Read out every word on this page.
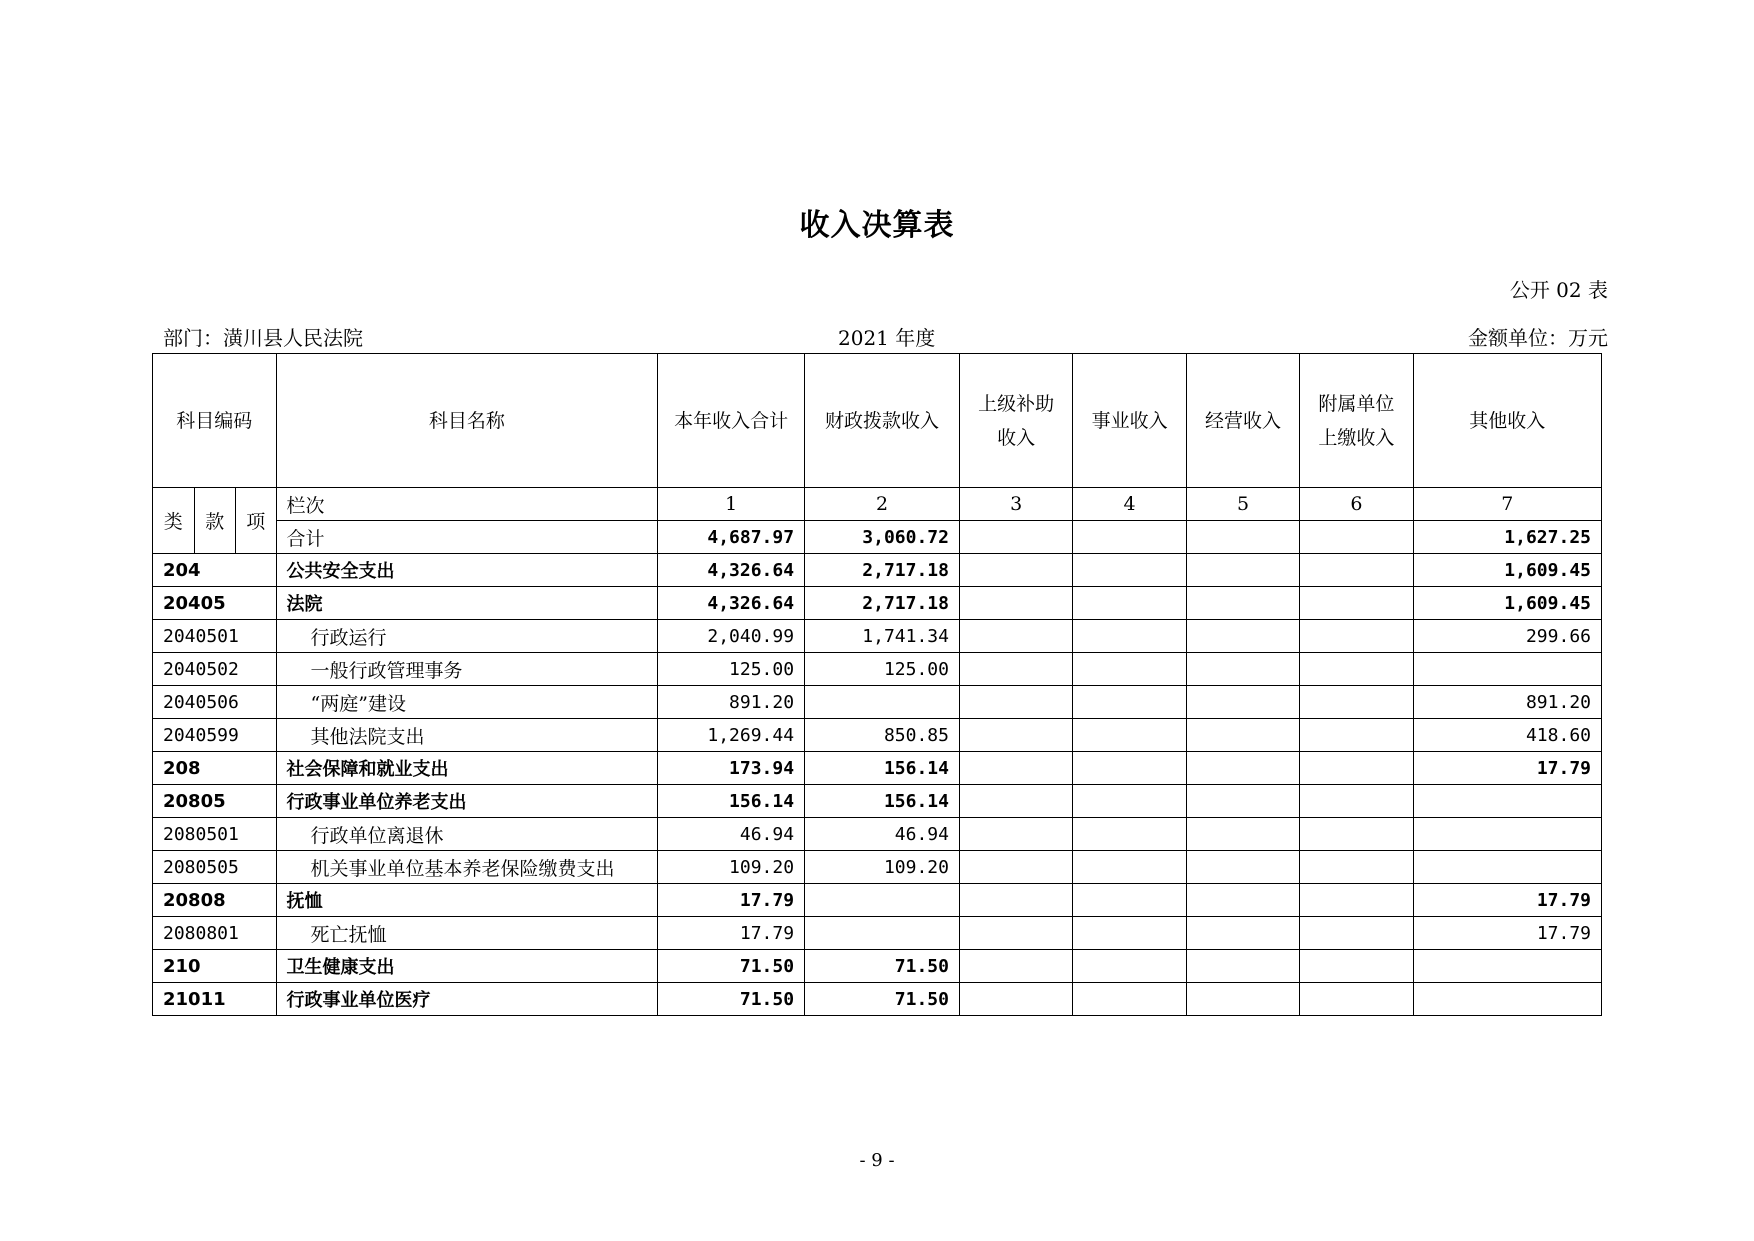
收入决算表
公开 02 表
部门：潢川县人民法院	2021 年度	金额单位：万元
科目编码			科目名称	本年收入合计	财政拨款收入	上级补助收入	事业收入	经营收入	附属单位上缴收入	其他收入
类	款	项	栏次	1	2	3	4	5	6	7
			合计	4,687.97	3,060.72					1,627.25
204			公共安全支出	4,326.64	2,717.18					1,609.45
20405			法院	4,326.64	2,717.18					1,609.45
2040501			行政运行	2,040.99	1,741.34					299.66
2040502			一般行政管理事务	125.00	125.00					
2040506			“两庭”建设	891.20						891.20
2040599			其他法院支出	1,269.44	850.85					418.60
208			社会保障和就业支出	173.94	156.14					17.79
20805			行政事业单位养老支出	156.14	156.14					
2080501			行政单位离退休	46.94	46.94					
2080505			机关事业单位基本养老保险缴费支出	109.20	109.20					
20808			抚恤	17.79						17.79
2080801			死亡抚恤	17.79						17.79
210			卫生健康支出	71.50	71.50					
21011			行政事业单位医疗	71.50	71.50					
- 9 -
